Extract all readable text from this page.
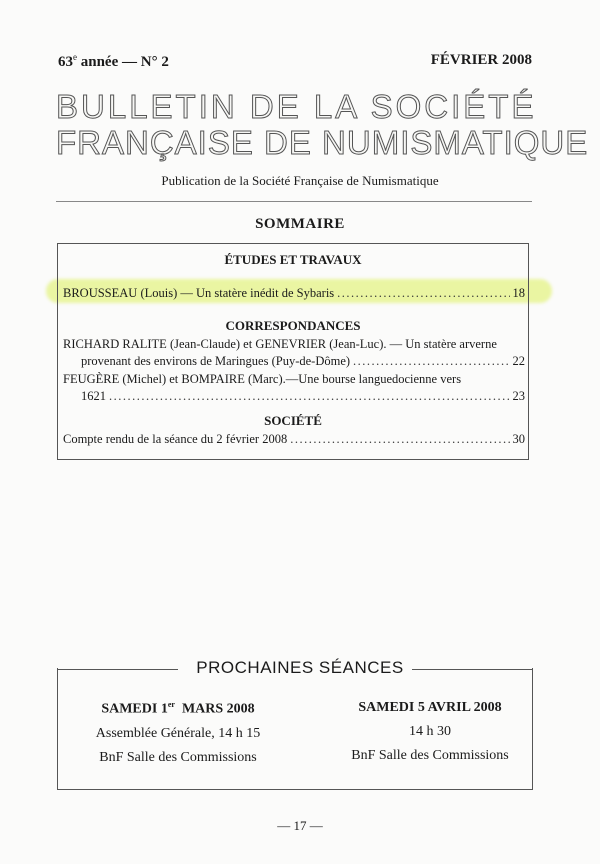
63e année — N° 2	FÉVRIER 2008
BULLETIN DE LA SOCIÉTÉ
FRANÇAISE DE NUMISMATIQUE
Publication de la Société Française de Numismatique
SOMMAIRE
ÉTUDES ET TRAVAUX
BROUSSEAU (Louis) — Un statère inédit de Sybaris .....	18
CORRESPONDANCES
RICHARD RALITE (Jean-Claude) et GENEVRIER (Jean-Luc). — Un statère arverne
provenant des environs de Maringues (Puy-de-Dôme) .....	22
FEUGÈRE (Michel) et BOMPAIRE (Marc).—Une bourse languedocienne vers
1621 .....	23
SOCIÉTÉ
Compte rendu de la séance du 2 février 2008 .....	30
PROCHAINES SÉANCES
SAMEDI 1er  MARS 2008
Assemblée Générale, 14 h 15
BnF Salle des Commissions
SAMEDI 5 AVRIL 2008
14 h 30
BnF Salle des Commissions
— 17 —
